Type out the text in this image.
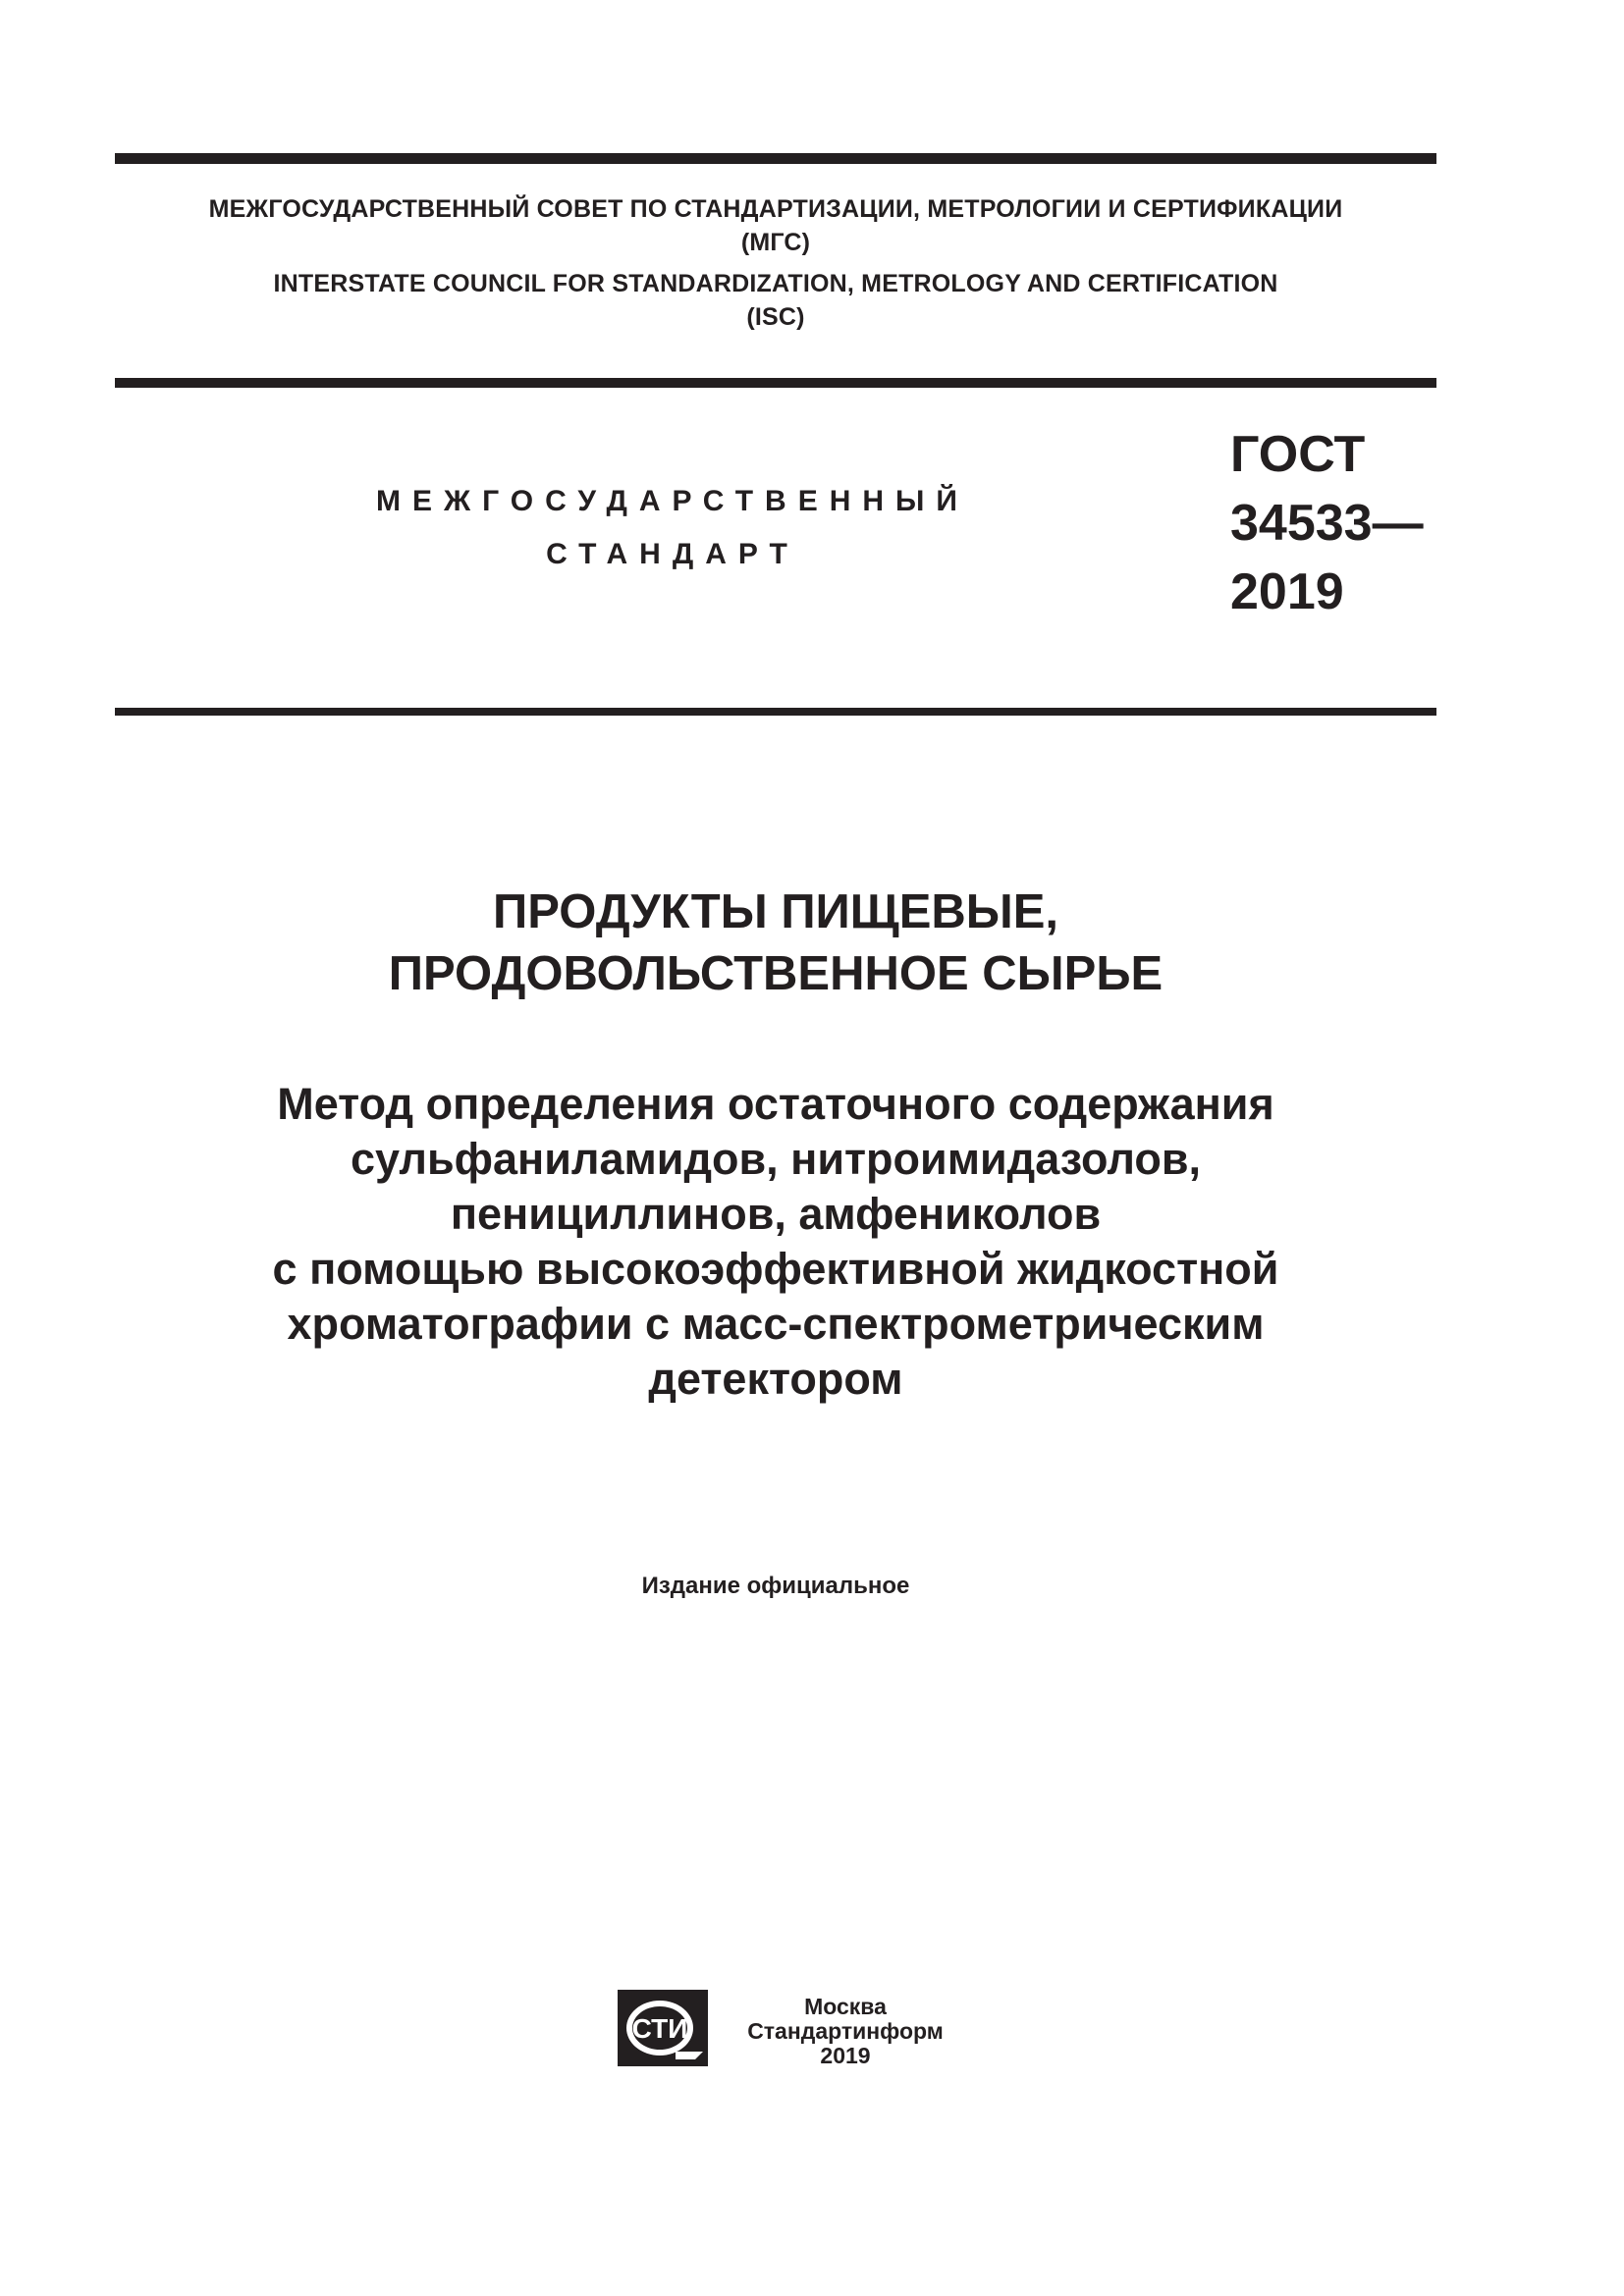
МЕЖГОСУДАРСТВЕННЫЙ СОВЕТ ПО СТАНДАРТИЗАЦИИ, МЕТРОЛОГИИ И СЕРТИФИКАЦИИ
(МГС)
INTERSTATE COUNCIL FOR STANDARDIZATION, METROLOGY AND CERTIFICATION
(ISC)
МЕЖГОСУДАРСТВЕННЫЙ
СТАНДАРТ
ГОСТ
34533—
2019
ПРОДУКТЫ ПИЩЕВЫЕ,
ПРОДОВОЛЬСТВЕННОЕ СЫРЬЕ
Метод определения остаточного содержания
сульфаниламидов, нитроимидазолов,
пенициллинов, амфениколов
с помощью высокоэффективной жидкостной
хроматографии с масс-спектрометрическим
детектором
Издание официальное
СТИ
Москва
Стандартинформ
2019
